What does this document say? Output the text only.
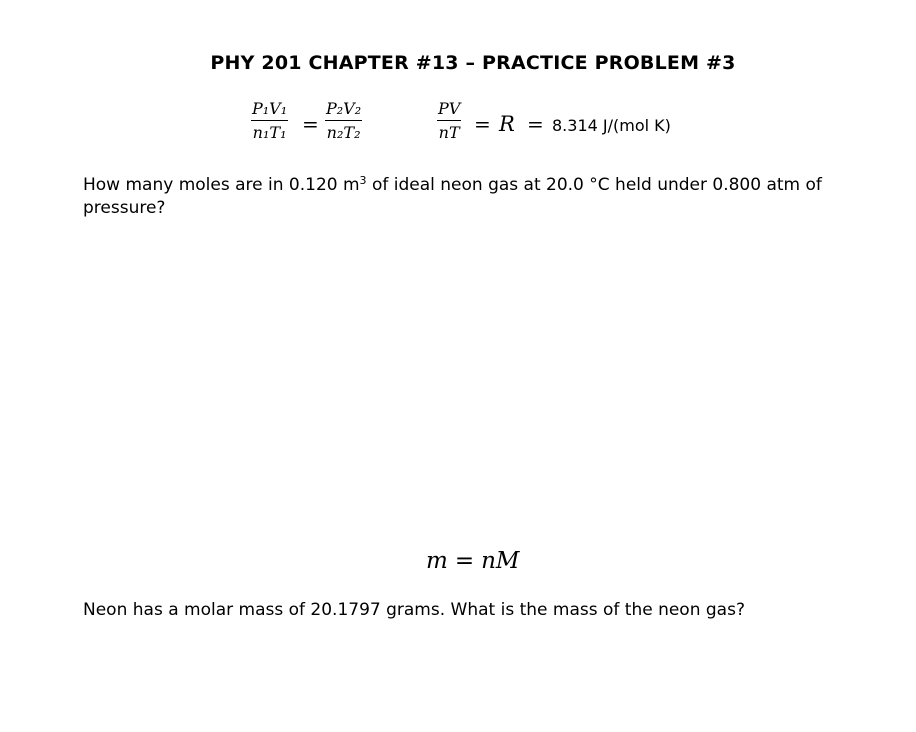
PHY 201 CHAPTER #13 – PRACTICE PROBLEM #3
P₁V₁
n₁T₁ =
P₂V₂
n₂T₂
PV
nT = R = 8.314 J/(mol K)
How many moles are in 0.120 $m^3$ of ideal neon gas at 20.0 °C held under 0.800 atm of
pressure?
m = nM
Neon has a molar mass of 20.1797 grams. What is the mass of the neon gas?
